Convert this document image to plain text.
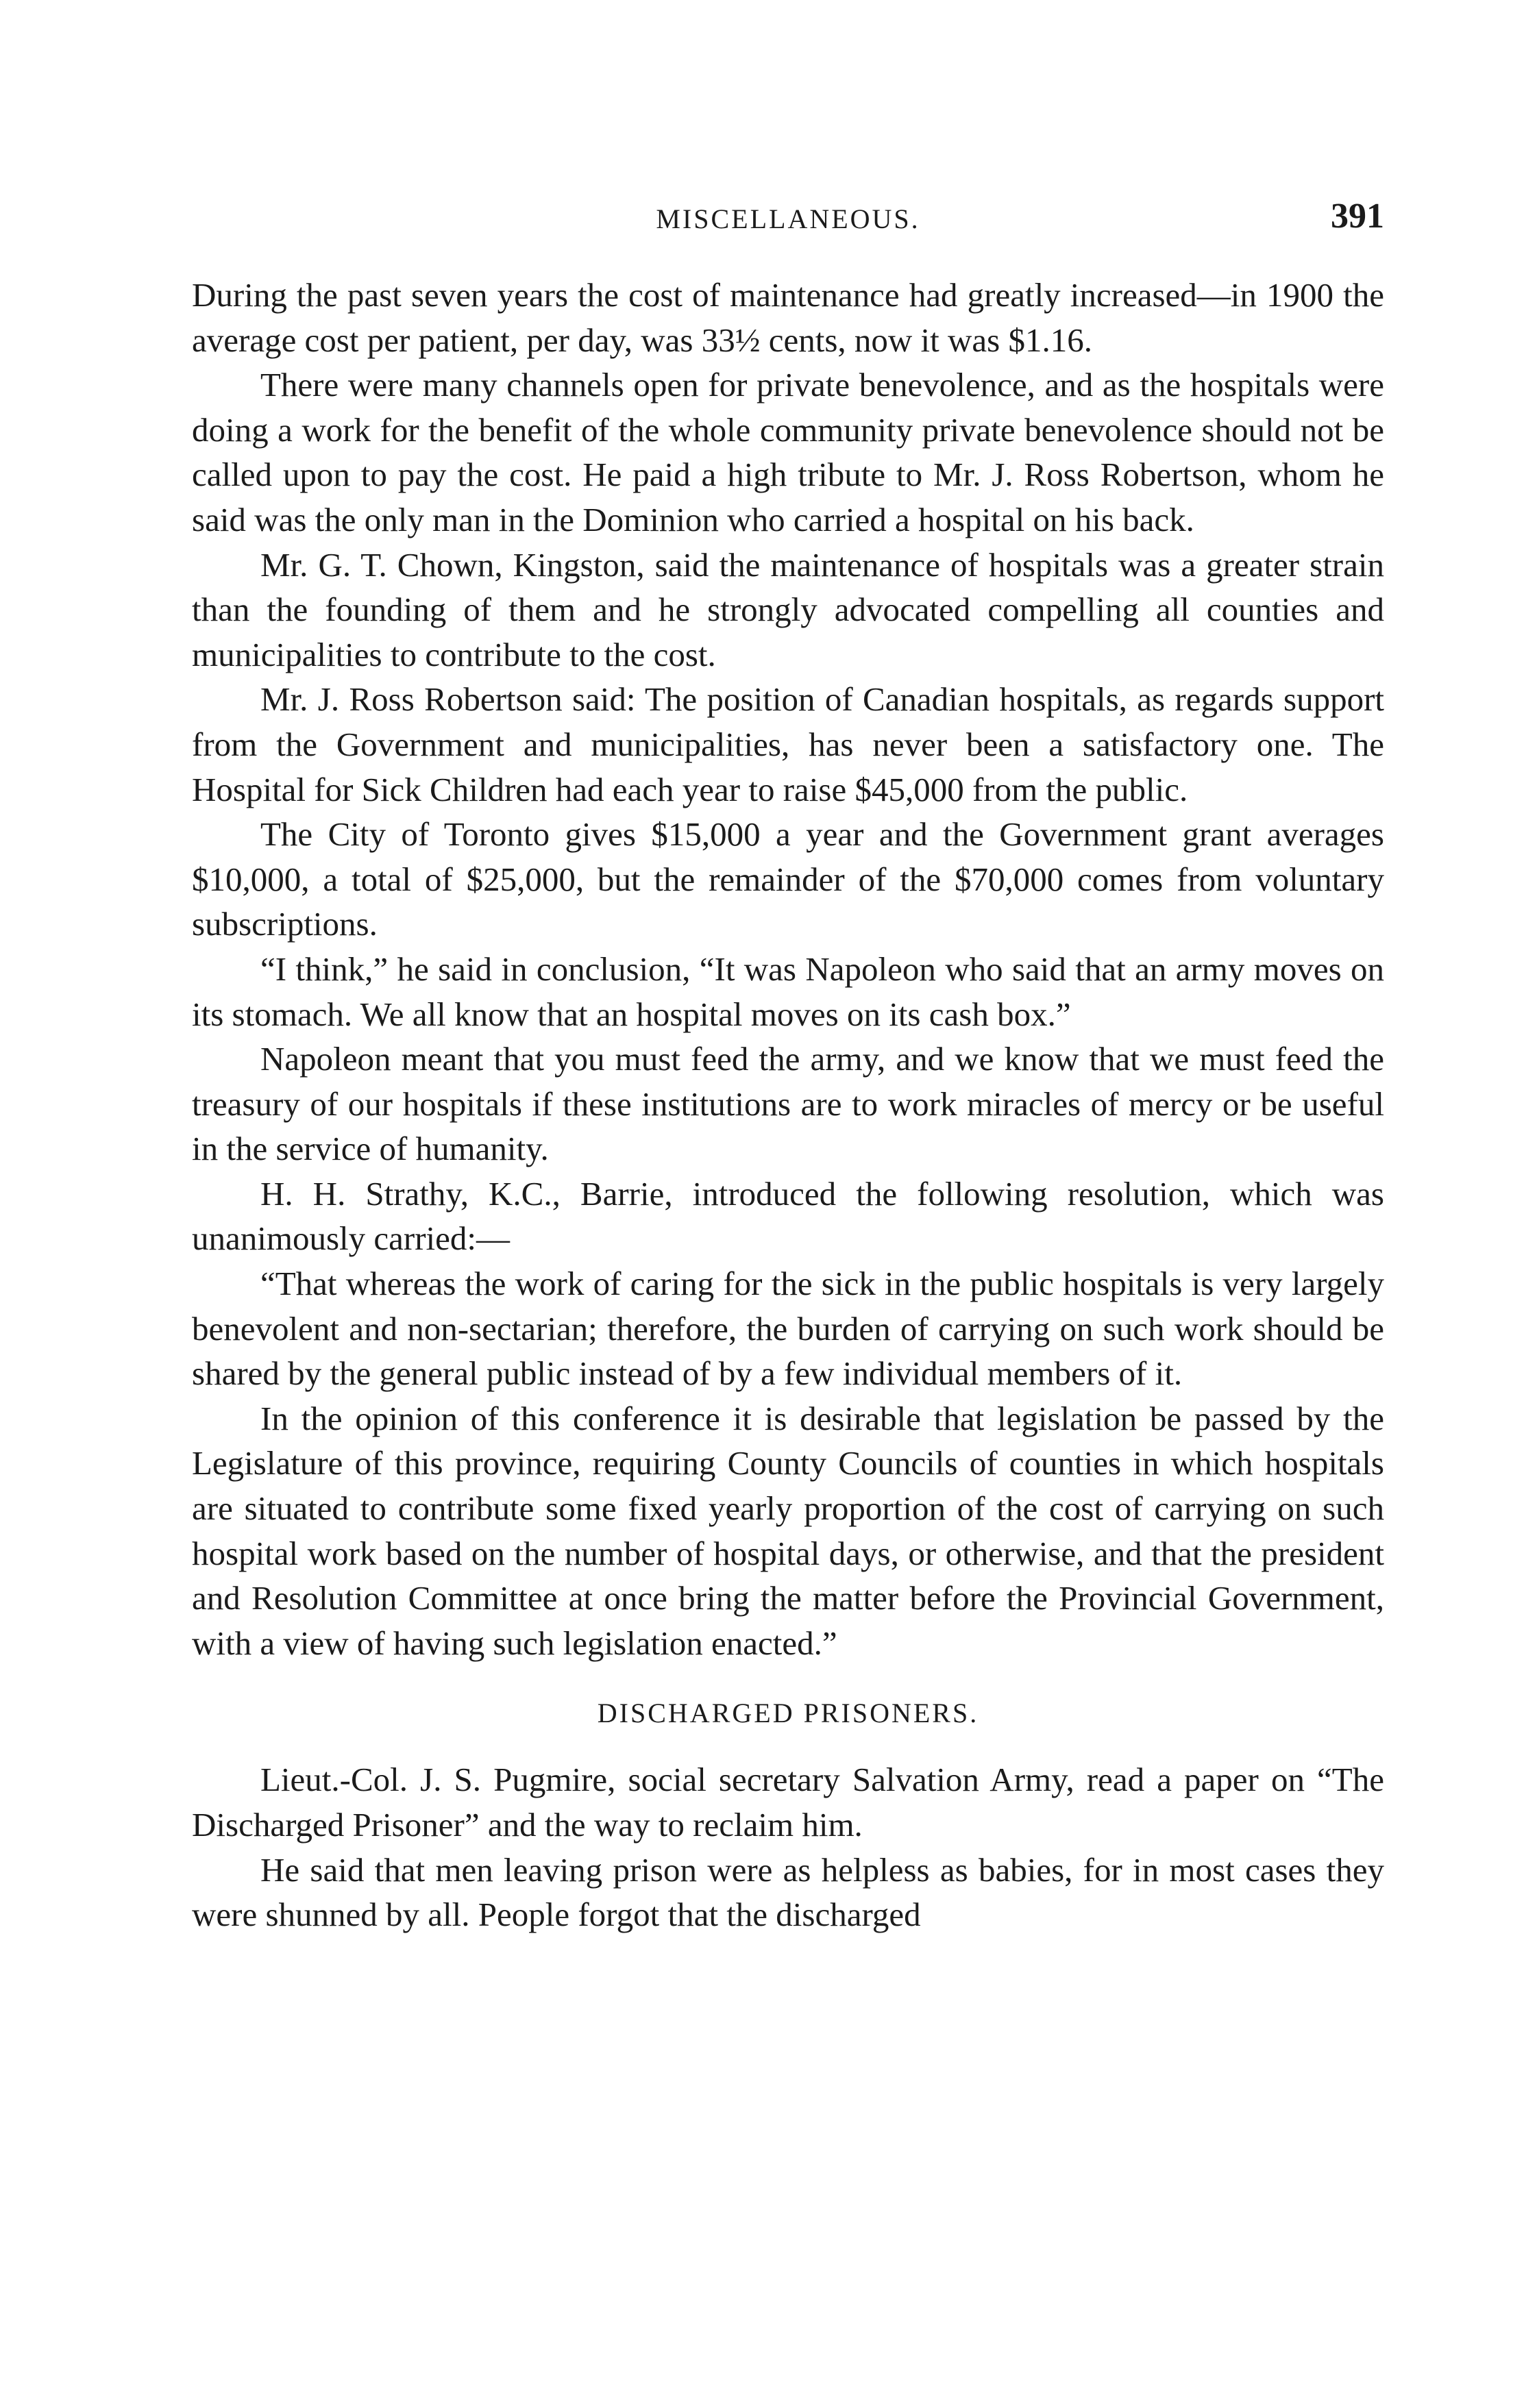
MISCELLANEOUS.	391

During the past seven years the cost of maintenance had greatly increased—in 1900 the average cost per patient, per day, was 33½ cents, now it was $1.16.

There were many channels open for private benevolence, and as the hospitals were doing a work for the benefit of the whole community private benevolence should not be called upon to pay the cost. He paid a high tribute to Mr. J. Ross Robertson, whom he said was the only man in the Dominion who carried a hospital on his back.

Mr. G. T. Chown, Kingston, said the maintenance of hospitals was a greater strain than the founding of them and he strongly advocated compelling all counties and municipalities to contribute to the cost.

Mr. J. Ross Robertson said: The position of Canadian hospitals, as regards support from the Government and municipalities, has never been a satisfactory one. The Hospital for Sick Children had each year to raise $45,000 from the public.

The City of Toronto gives $15,000 a year and the Government grant averages $10,000, a total of $25,000, but the remainder of the $70,000 comes from voluntary subscriptions.

“I think,” he said in conclusion, “It was Napoleon who said that an army moves on its stomach. We all know that an hospital moves on its cash box.”

Napoleon meant that you must feed the army, and we know that we must feed the treasury of our hospitals if these institutions are to work miracles of mercy or be useful in the service of humanity.

H. H. Strathy, K.C., Barrie, introduced the following resolution, which was unanimously carried:—

“That whereas the work of caring for the sick in the public hospitals is very largely benevolent and non-sectarian; therefore, the burden of carrying on such work should be shared by the general public instead of by a few individual members of it.

In the opinion of this conference it is desirable that legislation be passed by the Legislature of this province, requiring County Councils of counties in which hospitals are situated to contribute some fixed yearly proportion of the cost of carrying on such hospital work based on the number of hospital days, or otherwise, and that the president and Resolution Committee at once bring the matter before the Provincial Government, with a view of having such legislation enacted.”

DISCHARGED PRISONERS.

Lieut.-Col. J. S. Pugmire, social secretary Salvation Army, read a paper on “The Discharged Prisoner” and the way to reclaim him.

He said that men leaving prison were as helpless as babies, for in most cases they were shunned by all. People forgot that the discharged
